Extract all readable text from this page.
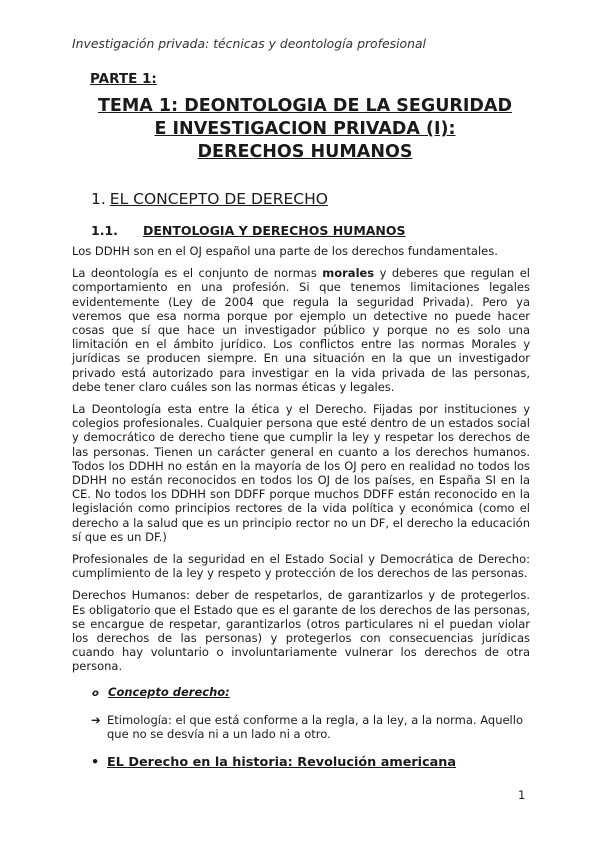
Investigación privada: técnicas y deontología profesional
PARTE 1:
TEMA 1: DEONTOLOGIA DE LA SEGURIDAD
E INVESTIGACION PRIVADA (I):
DERECHOS HUMANOS
1. EL CONCEPTO DE DERECHO
1.1. DENTOLOGIA Y DERECHOS HUMANOS

Los DDHH son en el OJ español una parte de los derechos fundamentales.

La deontología es el conjunto de normas morales y deberes que regulan el comportamiento en una profesión. Si que tenemos limitaciones legales evidentemente (Ley de 2004 que regula la seguridad Privada). Pero ya veremos que esa norma porque por ejemplo un detective no puede hacer cosas que sí que hace un investigador público y porque no es solo una limitación en el ámbito jurídico. Los conflictos entre las normas Morales y jurídicas se producen siempre. En una situación en la que un investigador privado está autorizado para investigar en la vida privada de las personas, debe tener claro cuáles son las normas éticas y legales.

La Deontología esta entre la ética y el Derecho. Fijadas por instituciones y colegios profesionales. Cualquier persona que esté dentro de un estados social y democrático de derecho tiene que cumplir la ley y respetar los derechos de las personas. Tienen un carácter general en cuanto a los derechos humanos. Todos los DDHH no están en la mayoría de los OJ pero en realidad no todos los DDHH no están reconocidos en todos los OJ de los países, en España SI en la CE. No todos los DDHH son DDFF porque muchos DDFF están reconocido en la legislación como principios rectores de la vida política y económica (como el derecho a la salud que es un principio rector no un DF, el derecho la educación sí que es un DF.)

Profesionales de la seguridad en el Estado Social y Democrática de Derecho: cumplimiento de la ley y respeto y protección de los derechos de las personas.

Derechos Humanos: deber de respetarlos, de garantizarlos y de protegerlos. Es obligatorio que el Estado que es el garante de los derechos de las personas, se encargue de respetar, garantizarlos (otros particulares ni el puedan violar los derechos de las personas) y protegerlos con consecuencias jurídicas cuando hay voluntario o involuntariamente vulnerar los derechos de otra persona.

o Concepto derecho:
➔ Etimología: el que está conforme a la regla, a la ley, a la norma. Aquello que no se desvía ni a un lado ni a otro.
• EL Derecho en la historia: Revolución americana
1
